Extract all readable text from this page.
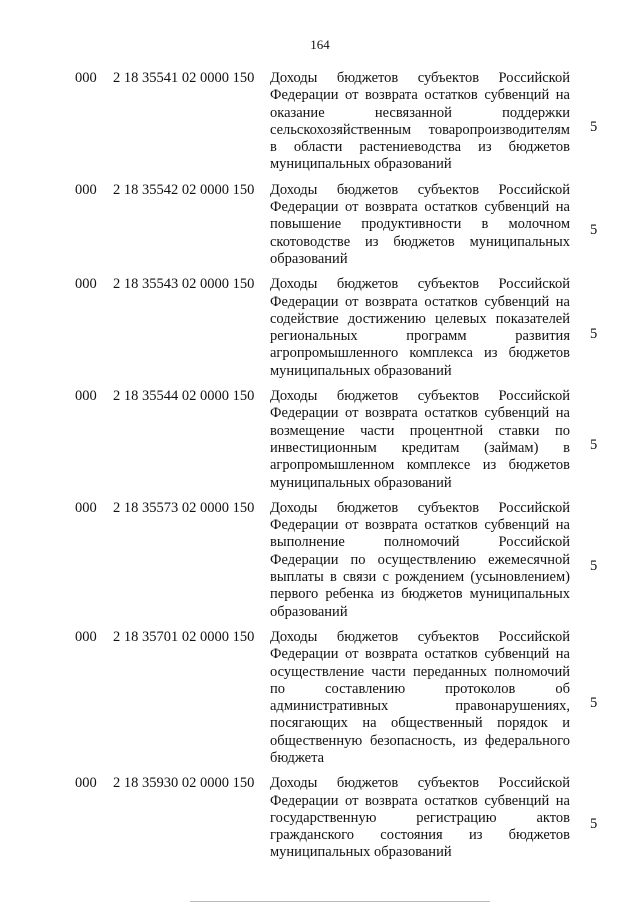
164
000 2 18 35541 02 0000 150 Доходы бюджетов субъектов Российской
Федерации от возврата остатков субвенций на
оказание несвязанной поддержки
сельскохозяйственным товаропроизводителям
в области растениеводства из бюджетов
муниципальных образований
5
000 2 18 35542 02 0000 150 Доходы бюджетов субъектов Российской
Федерации от возврата остатков субвенций на
повышение продуктивности в молочном
скотоводстве из бюджетов муниципальных
образований
5
000 2 18 35543 02 0000 150 Доходы бюджетов субъектов Российской
Федерации от возврата остатков субвенций на
содействие достижению целевых показателей
региональных программ развития
агропромышленного комплекса из бюджетов
муниципальных образований
5
000 2 18 35544 02 0000 150 Доходы бюджетов субъектов Российской
Федерации от возврата остатков субвенций на
возмещение части процентной ставки по
инвестиционным кредитам (займам) в
агропромышленном комплексе из бюджетов
муниципальных образований
5
000 2 18 35573 02 0000 150 Доходы бюджетов субъектов Российской
Федерации от возврата остатков субвенций на
выполнение полномочий Российской
Федерации по осуществлению ежемесячной
выплаты в связи с рождением (усыновлением)
первого ребенка из бюджетов муниципальных
образований
5
000 2 18 35701 02 0000 150 Доходы бюджетов субъектов Российской
Федерации от возврата остатков субвенций на
осуществление части переданных полномочий
по составлению протоколов об
административных правонарушениях,
посягающих на общественный порядок и
общественную безопасность, из федерального
бюджета
5
000 2 18 35930 02 0000 150 Доходы бюджетов субъектов Российской
Федерации от возврата остатков субвенций на
государственную регистрацию актов
гражданского состояния из бюджетов
муниципальных образований
5
